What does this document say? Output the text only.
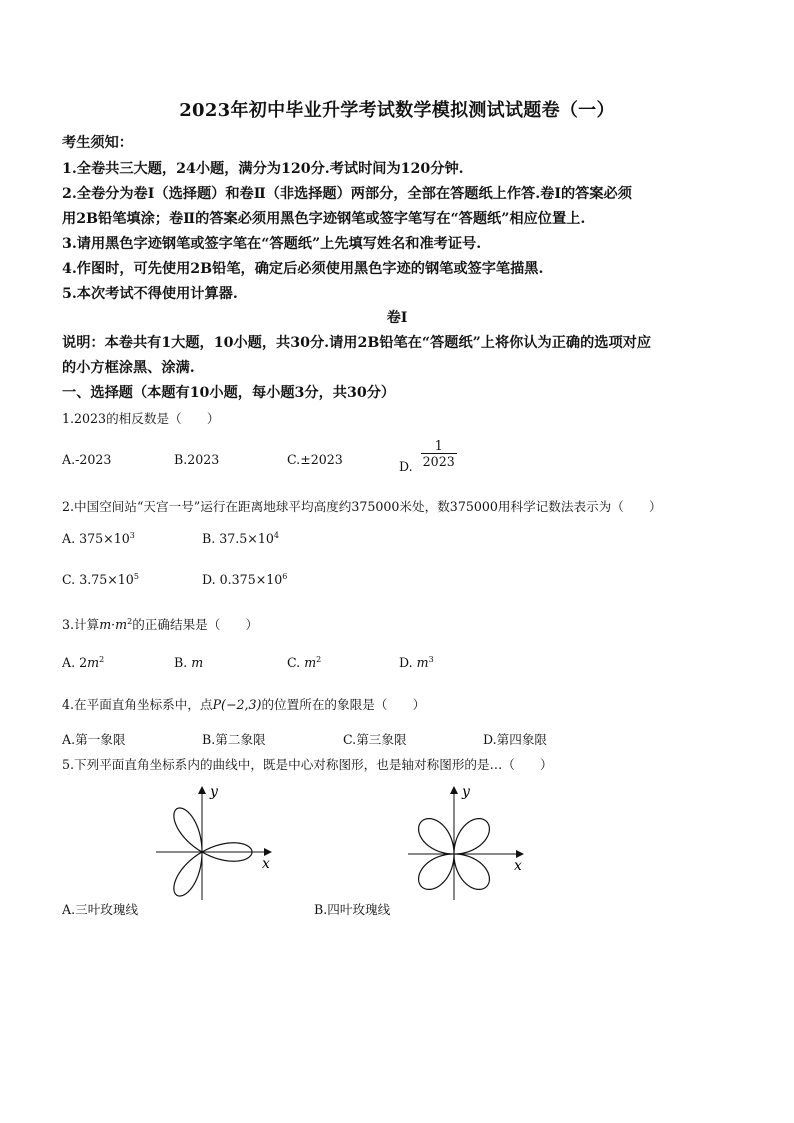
2023年初中毕业升学考试数学模拟测试试题卷（一）
考生须知：
1.全卷共三大题，24小题，满分为120分.考试时间为120分钟.
2.全卷分为卷Ⅰ（选择题）和卷Ⅱ（非选择题）两部分，全部在答题纸上作答.卷Ⅰ的答案必须
用2B铅笔填涂；卷Ⅱ的答案必须用黑色字迹钢笔或签字笔写在“答题纸”相应位置上.
3.请用黑色字迹钢笔或签字笔在“答题纸”上先填写姓名和准考证号.
4.作图时，可先使用2B铅笔，确定后必须使用黑色字迹的钢笔或签字笔描黑.
5.本次考试不得使用计算器.
卷Ⅰ
说明：本卷共有1大题，10小题，共30分.请用2B铅笔在“答题纸”上将你认为正确的选项对应
的小方框涂黑、涂满.
一、选择题（本题有10小题，每小题3分，共30分）
1.2023的相反数是（　　）
A.-2023	B.2023	C.±2023	D. $\frac{1}{2023}$
2.中国空间站“天宫一号”运行在距离地球平均高度约375000米处，数375000用科学记数法表示为（　　）
A. $375\times 10^3$	B. $37.5\times 10^4$
C. $3.75\times 10^5$	D. $0.375\times 10^6$
3.计算$m\cdot m^2$的正确结果是（　　）
A. $2m^2$	B. m	C. $m^2$	D. $m^3$
4.在平面直角坐标系中，点P(−2,3)的位置所在的象限是（　　）
A.第一象限	B.第二象限	C.第三象限	D.第四象限
5.下列平面直角坐标系内的曲线中，既是中心对称图形，也是轴对称图形的是…（　　）
x
y
x
y
A.三叶玫瑰线	B.四叶玫瑰线
